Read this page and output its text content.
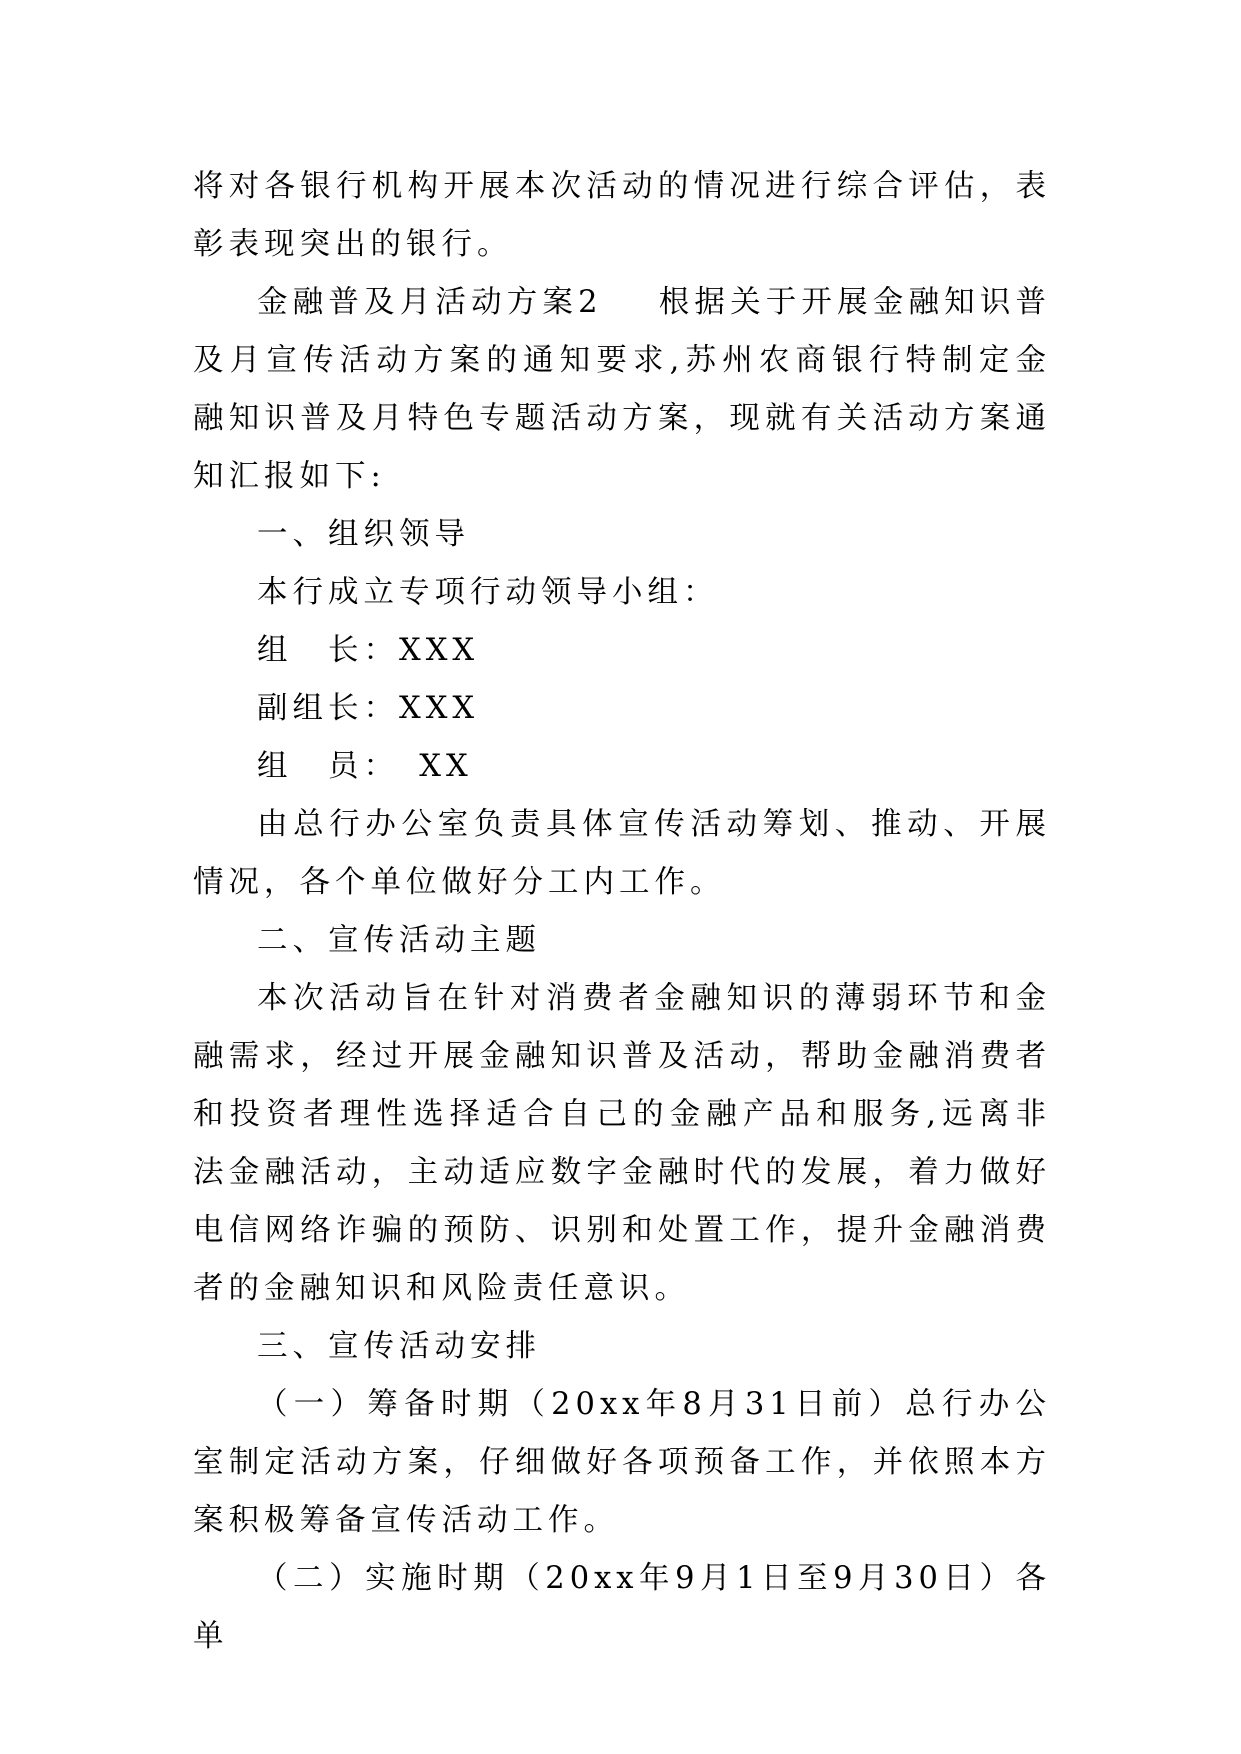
将对各银行机构开展本次活动的情况进行综合评估，表彰表现突出的银行。

金融普及月活动方案2 根据关于开展金融知识普及月宣传活动方案的通知要求,苏州农商银行特制定金融知识普及月特色专题活动方案，现就有关活动方案通知汇报如下:

一、组织领导

本行成立专项行动领导小组：

组　长：XXX

副组长：XXX

组　员：　XX

由总行办公室负责具体宣传活动筹划、推动、开展情况，各个单位做好分工内工作。

二、宣传活动主题

本次活动旨在针对消费者金融知识的薄弱环节和金融需求，经过开展金融知识普及活动，帮助金融消费者和投资者理性选择适合自己的金融产品和服务,远离非法金融活动，主动适应数字金融时代的发展，着力做好电信网络诈骗的预防、识别和处置工作，提升金融消费者的金融知识和风险责任意识。

三、宣传活动安排

（一）筹备时期（20xx年8月31日前）总行办公室制定活动方案，仔细做好各项预备工作，并依照本方案积极筹备宣传活动工作。

（二）实施时期（20xx年9月1日至9月30日）各单
